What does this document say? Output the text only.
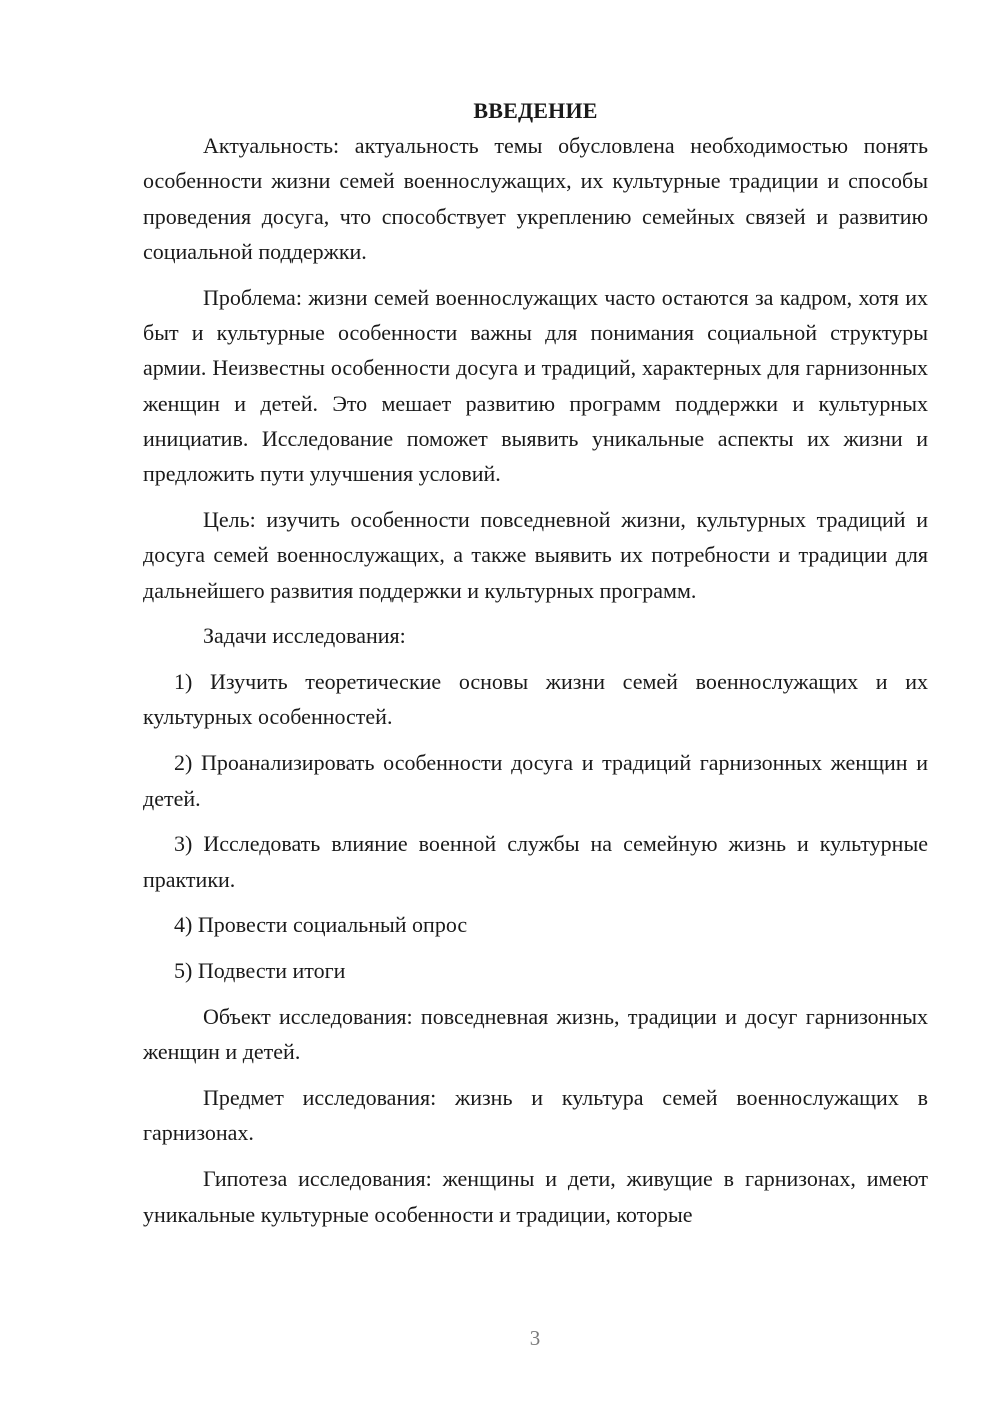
ВВЕДЕНИЕ

Актуальность: актуальность темы обусловлена необходимостью понять особенности жизни семей военнослужащих, их культурные традиции и способы проведения досуга, что способствует укреплению семейных связей и развитию социальной поддержки.

Проблема: жизни семей военнослужащих часто остаются за кадром, хотя их быт и культурные особенности важны для понимания социальной структуры армии. Неизвестны особенности досуга и традиций, характерных для гарнизонных женщин и детей. Это мешает развитию программ поддержки и культурных инициатив. Исследование поможет выявить уникальные аспекты их жизни и предложить пути улучшения условий.

Цель: изучить особенности повседневной жизни, культурных традиций и досуга семей военнослужащих, а также выявить их потребности и традиции для дальнейшего развития поддержки и культурных программ.

Задачи исследования:

1) Изучить теоретические основы жизни семей военнослужащих и их культурных особенностей.

2) Проанализировать особенности досуга и традиций гарнизонных женщин и детей.

3) Исследовать влияние военной службы на семейную жизнь и культурные практики.

4) Провести социальный опрос

5) Подвести итоги

Объект исследования: повседневная жизнь, традиции и досуг гарнизонных женщин и детей.

Предмет исследования: жизнь и культура семей военнослужащих в гарнизонах.

Гипотеза исследования: женщины и дети, живущие в гарнизонах, имеют уникальные культурные особенности и традиции, которые

3
